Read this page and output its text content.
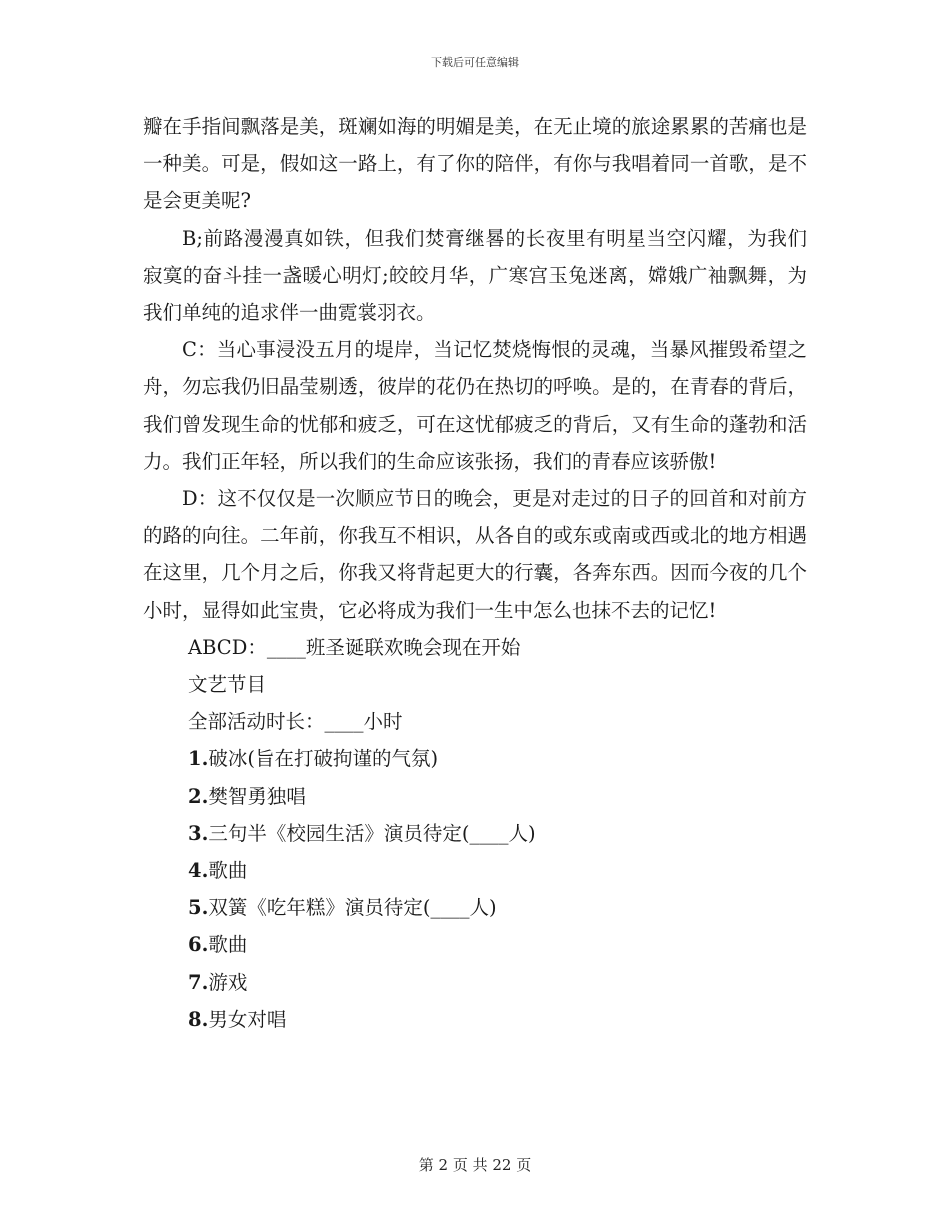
下载后可任意编辑

瓣在手指间飘落是美，斑斓如海的明媚是美，在无止境的旅途累累的苦痛也是一种美。可是，假如这一路上，有了你的陪伴，有你与我唱着同一首歌，是不是会更美呢?

B;前路漫漫真如铁，但我们焚膏继晷的长夜里有明星当空闪耀，为我们寂寞的奋斗挂一盏暖心明灯;皎皎月华，广寒宫玉兔迷离，嫦娥广袖飘舞，为我们单纯的追求伴一曲霓裳羽衣。

C：当心事浸没五月的堤岸，当记忆焚烧悔恨的灵魂，当暴风摧毁希望之舟，勿忘我仍旧晶莹剔透，彼岸的花仍在热切的呼唤。是的，在青春的背后，我们曾发现生命的忧郁和疲乏，可在这忧郁疲乏的背后，又有生命的蓬勃和活力。我们正年轻，所以我们的生命应该张扬，我们的青春应该骄傲!

D：这不仅仅是一次顺应节日的晚会，更是对走过的日子的回首和对前方的路的向往。二年前，你我互不相识，从各自的或东或南或西或北的地方相遇在这里，几个月之后，你我又将背起更大的行囊，各奔东西。因而今夜的几个小时，显得如此宝贵，它必将成为我们一生中怎么也抹不去的记忆!

ABCD：____班圣诞联欢晚会现在开始

文艺节目

全部活动时长：____小时

1.破冰(旨在打破拘谨的气氛)

2.樊智勇独唱

3.三句半《校园生活》演员待定(____人)

4.歌曲

5.双簧《吃年糕》演员待定(____人)

6.歌曲

7.游戏

8.男女对唱

第 2 页 共 22 页
